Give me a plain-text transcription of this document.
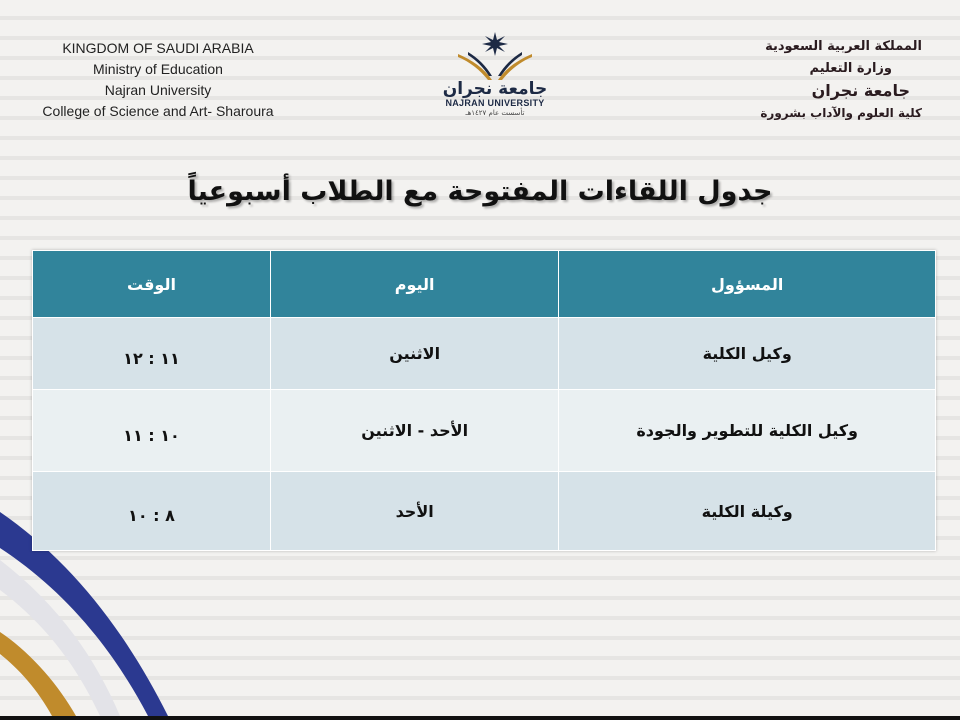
KINGDOM OF SAUDI ARABIA
Ministry of Education
Najran University
College of Science and Art- Sharoura
جامعة نجران
NAJRAN UNIVERSITY
تأسست عام ١٤٢٧هـ
المملكة العربية السعودية
وزارة التعليم
جامعة نجران
كلية العلوم والآداب بشرورة
جدول اللقاءات المفتوحة مع الطلاب أسبوعياً
المسؤول	اليوم	الوقت
وكيل الكلية	الاثنين	١١ : ١٢
وكيل الكلية للتطوير والجودة	الأحد - الاثنين	١٠ : ١١
وكيلة الكلية	الأحد	٨ : ١٠
